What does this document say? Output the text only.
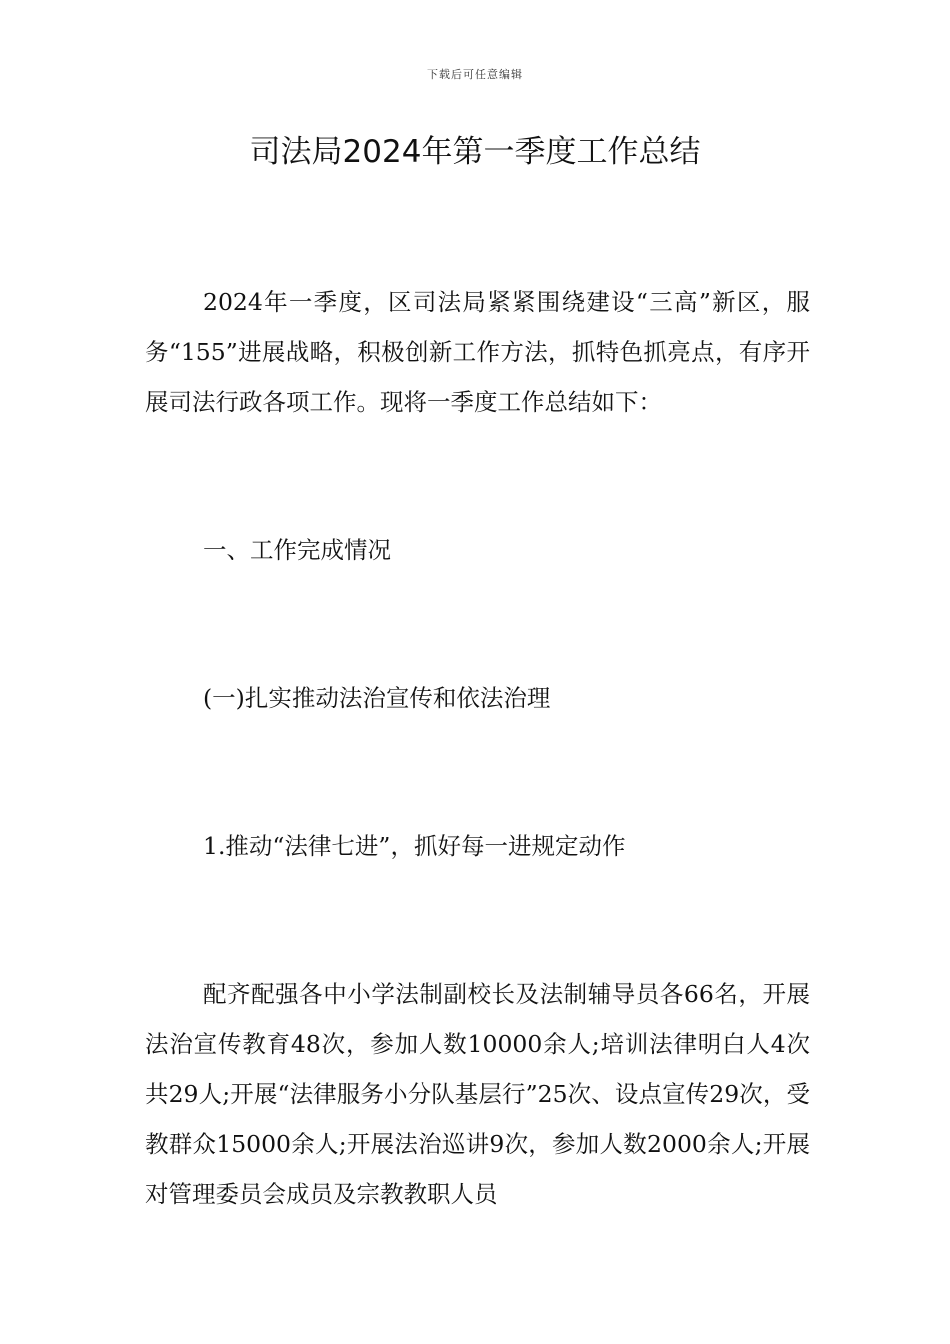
下载后可任意编辑
司法局2024年第一季度工作总结

2024年一季度，区司法局紧紧围绕建设“三高”新区，服务“155”进展战略，积极创新工作方法，抓特色抓亮点，有序开展司法行政各项工作。现将一季度工作总结如下：

一、工作完成情况

(一)扎实推动法治宣传和依法治理

1.推动“法律七进”，抓好每一进规定动作

配齐配强各中小学法制副校长及法制辅导员各66名，开展法治宣传教育48次，参加人数10000余人;培训法律明白人4次共29人;开展“法律服务小分队基层行”25次、设点宣传29次，受教群众15000余人;开展法治巡讲9次，参加人数2000余人;开展对管理委员会成员及宗教教职人员
